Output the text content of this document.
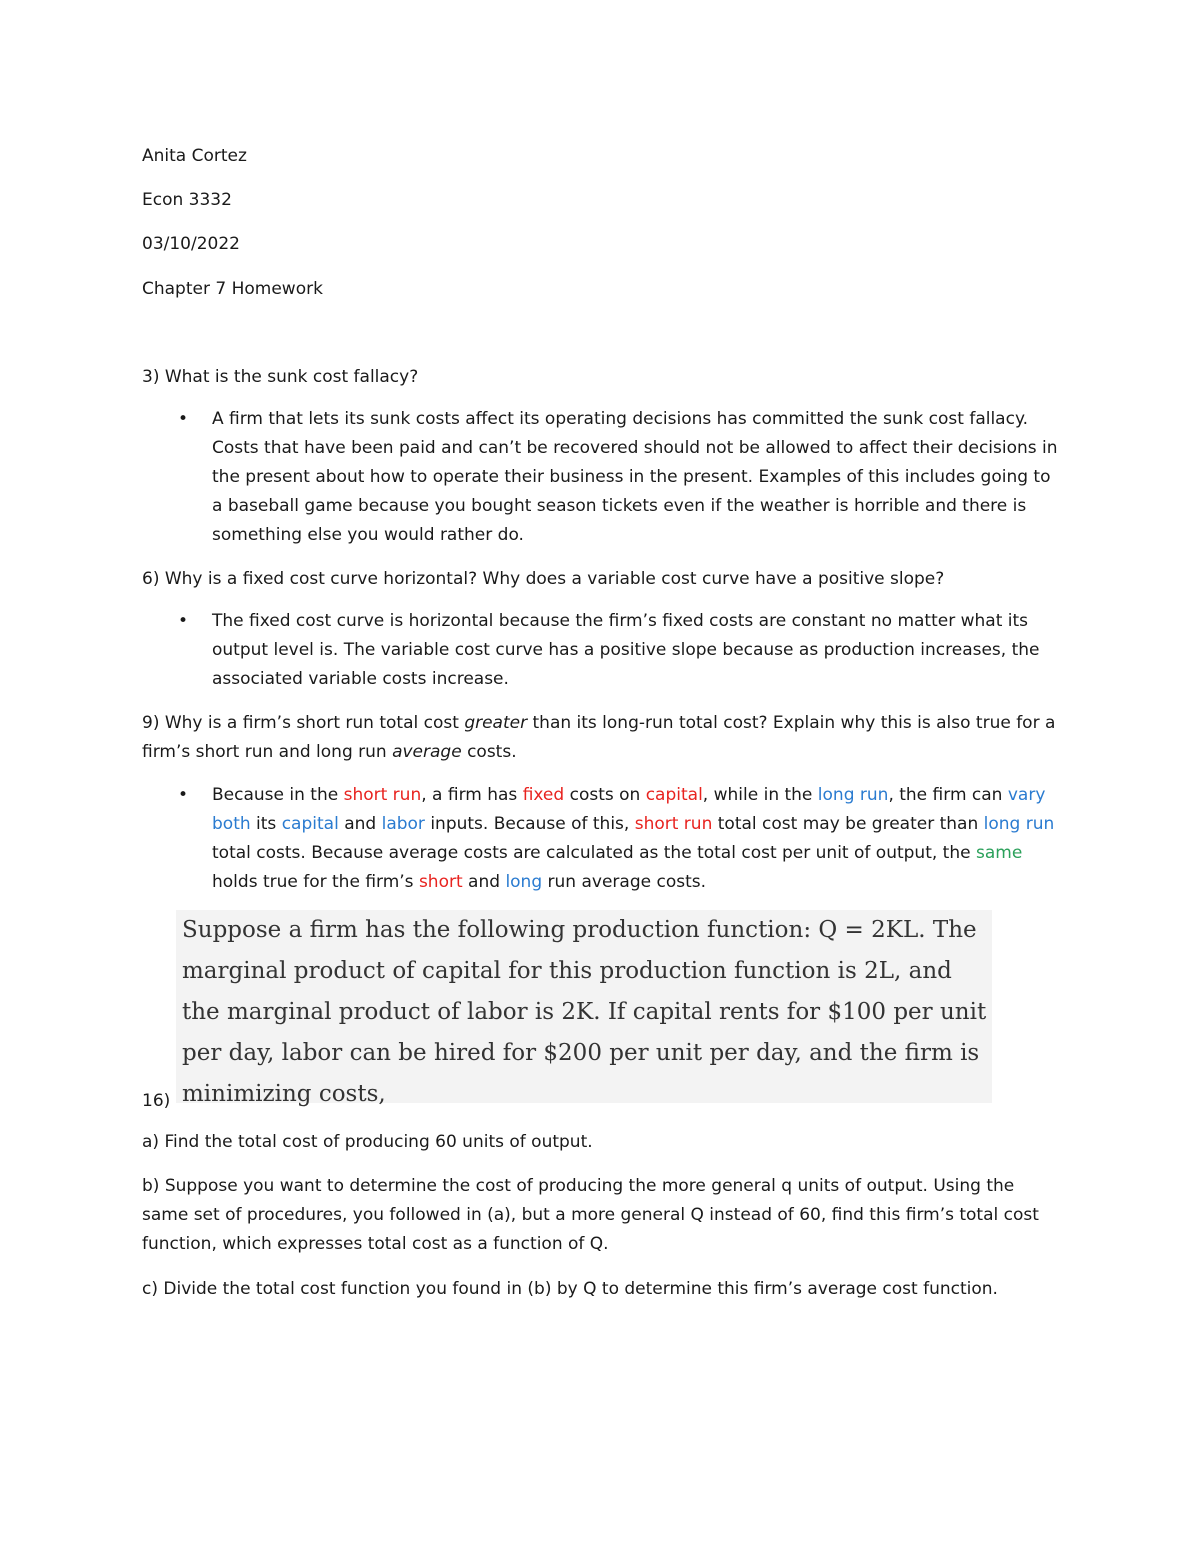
Anita Cortez
Econ 3332
03/10/2022
Chapter 7 Homework
3) What is the sunk cost fallacy?
• A firm that lets its sunk costs affect its operating decisions has committed the sunk cost fallacy. Costs that have been paid and can’t be recovered should not be allowed to affect their decisions in the present about how to operate their business in the present. Examples of this includes going to a baseball game because you bought season tickets even if the weather is horrible and there is something else you would rather do.
6) Why is a fixed cost curve horizontal? Why does a variable cost curve have a positive slope?
• The fixed cost curve is horizontal because the firm’s fixed costs are constant no matter what its output level is. The variable cost curve has a positive slope because as production increases, the associated variable costs increase.
9) Why is a firm’s short run total cost greater than its long-run total cost? Explain why this is also true for a firm’s short run and long run average costs.
• Because in the short run, a firm has fixed costs on capital, while in the long run, the firm can vary both its capital and labor inputs. Because of this, short run total cost may be greater than long run total costs. Because average costs are calculated as the total cost per unit of output, the same holds true for the firm’s short and long run average costs.
Suppose a firm has the following production function: Q = 2KL. The marginal product of capital for this production function is 2L, and the marginal product of labor is 2K. If capital rents for $100 per unit per day, labor can be hired for $200 per unit per day, and the firm is minimizing costs,
16)
a) Find the total cost of producing 60 units of output.
b) Suppose you want to determine the cost of producing the more general q units of output. Using the same set of procedures, you followed in (a), but a more general Q instead of 60, find this firm’s total cost function, which expresses total cost as a function of Q.
c) Divide the total cost function you found in (b) by Q to determine this firm’s average cost function.
